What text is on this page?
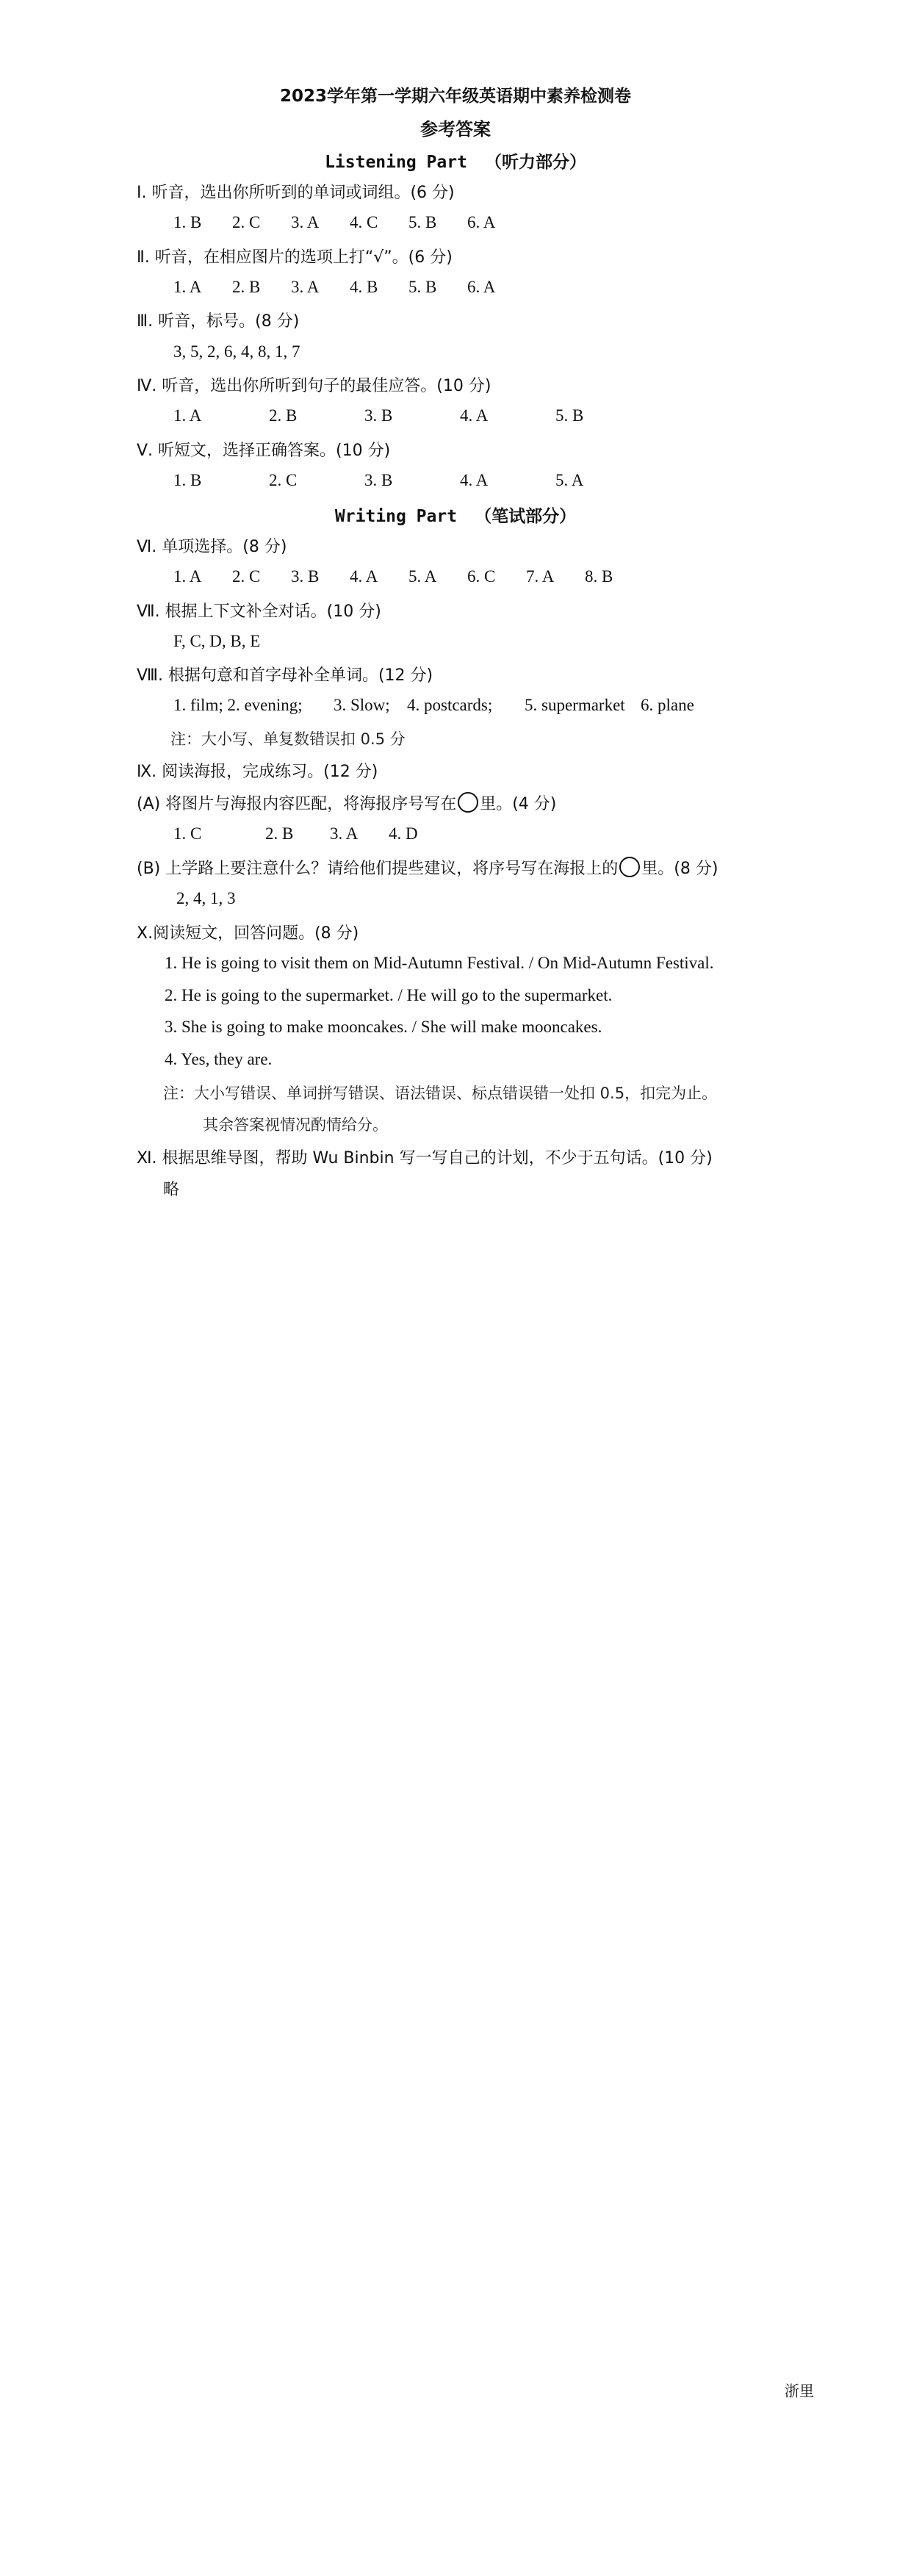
2023学年第一学期六年级英语期中素养检测卷
参考答案
Listening Part （听力部分）
Ⅰ. 听音，选出你所听到的单词或词组。(6 分)
1. B 2. C 3. A 4. C 5. B 6. A
Ⅱ. 听音，在相应图片的选项上打“√”。(6 分)
1. A 2. B 3. A 4. B 5. B 6. A
Ⅲ. 听音，标号。(8 分)
3, 5, 2, 6, 4, 8, 1, 7
Ⅳ. 听音，选出你所听到句子的最佳应答。(10 分)
1. A	2. B	3. B	4. A	5. B
Ⅴ. 听短文，选择正确答案。(10 分)
1. B	2. C	3. B	4. A	5. A
Writing Part （笔试部分）
Ⅵ. 单项选择。(8 分)
1. A 2. C 3. B 4. A 5. A 6. C 7. A 8. B
Ⅶ. 根据上下文补全对话。(10 分)
F, C, D, B, E
Ⅷ. 根据句意和首字母补全单词。(12 分)
1. film; 2. evening; 3. Slow; 4. postcards; 5. supermarket 6. plane
注：大小写、单复数错误扣 0.5 分
Ⅸ. 阅读海报，完成练习。(12 分)
(A) 将图片与海报内容匹配，将海报序号写在 里。(4 分)
1. C	2. B 3. A 4. D
(B) 上学路上要注意什么？请给他们提些建议，将序号写在海报上的 里。(8 分)
2, 4, 1, 3
Ⅹ.阅读短文，回答问题。(8 分)
1. He is going to visit them on Mid-Autumn Festival. / On Mid-Autumn Festival.
2. He is going to the supermarket. / He will go to the supermarket.
3. She is going to make mooncakes. / She will make mooncakes.
4. Yes, they are.
注：大小写错误、单词拼写错误、语法错误、标点错误错一处扣 0.5，扣完为止。
其余答案视情况酌情给分。
Ⅺ. 根据思维导图，帮助 Wu Binbin 写一写自己的计划，不少于五句话。(10 分)
略
浙里
